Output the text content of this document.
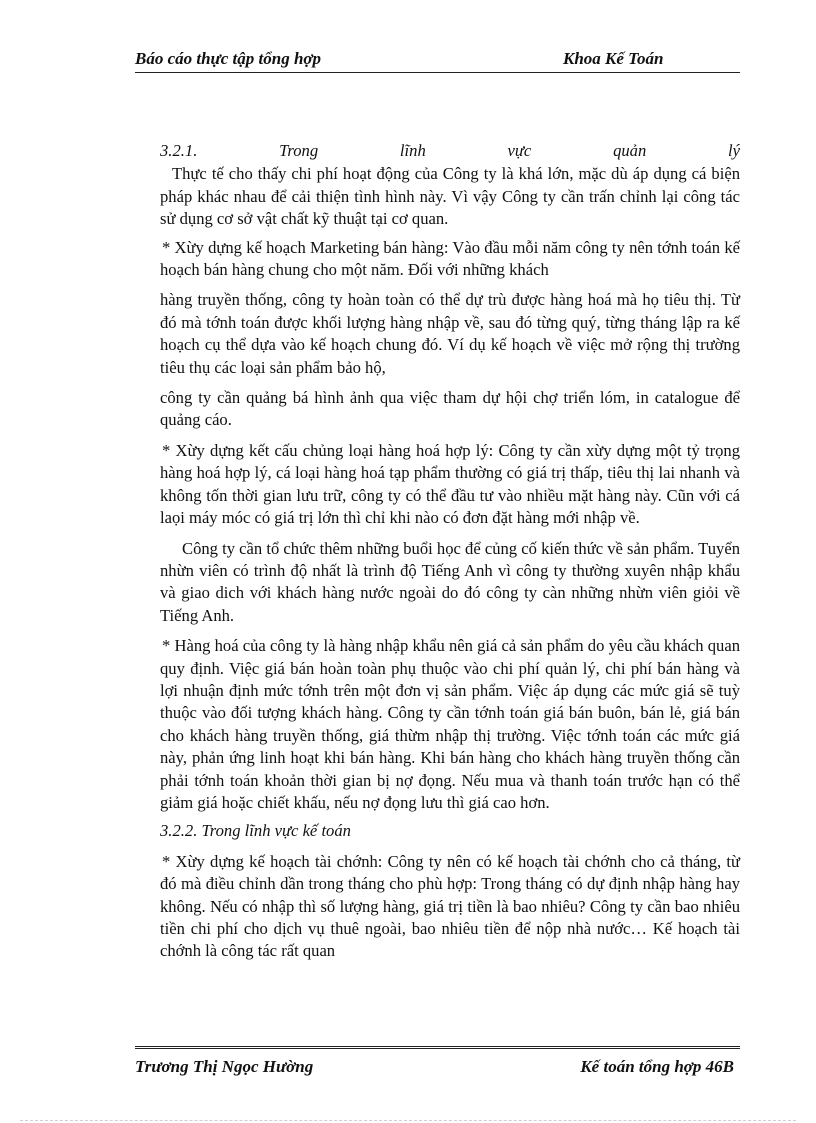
Báo cáo thực tập tổng hợp	Khoa Kế Toán

3.2.1.	Trong	lĩnh	vực	quản	lý

Thực tế cho thấy chi phí hoạt động của Công ty là khá lớn, mặc dù áp dụng cá biện pháp khác nhau để cải thiện tình hình này. Vì vậy Công ty cần trấn chỉnh lại công tác sử dụng cơ sở vật chất kỹ thuật tại cơ quan.

* Xừy dựng kế hoạch Marketing bán hàng: Vào đầu mỗi năm công ty nên tớnh toán kế hoạch bán hàng chung cho một năm. Đối với những khách

hàng truyền thống, công ty hoàn toàn có thể dự trù được hàng hoá mà họ tiêu thị. Từ đó mà tớnh toán được khối lượng hàng nhập về, sau đó từng quý, từng tháng lập ra kế hoạch cụ thể dựa vào kế hoạch chung đó. Ví dụ kế hoạch về việc mở rộng thị trường tiêu thụ các loại sản phẩm bảo hộ,

công ty cần quảng bá hình ảnh qua việc tham dự hội chợ triển lóm, in catalogue để quảng cáo.

* Xừy dựng kết cấu chủng loại hàng hoá hợp lý: Công ty cần xừy dựng một tỷ trọng hàng hoá hợp lý, cá loại hàng hoá tạp phẩm thường có giá trị thấp, tiêu thị lai nhanh và không tốn thời gian lưu trữ, công ty có thể đầu tư vào nhiều mặt hàng này. Cũn với cá laọi máy móc có giá trị lớn thì chỉ khi nào có đơn đặt hàng mới nhập về.

Công ty cần tổ chức thêm những buổi học để củng cố kiến thức về sản phẩm. Tuyển nhừn viên có trình độ nhất là trình độ Tiếng Anh vì công ty thường xuyên nhập khẩu và giao dich với khách hàng nước ngoài do đó công ty càn những nhừn viên giỏi về Tiếng Anh.

* Hàng hoá của công ty là hàng nhập khẩu nên giá cả sản phẩm do yêu cầu khách quan quy định. Việc giá bán hoàn toàn phụ thuộc vào chi phí quản lý, chi phí bán hàng và lợi nhuận định mức tớnh trên một đơn vị sản phẩm. Việc áp dụng các mức giá sẽ tuỳ thuộc vào đối tượng khách hàng. Công ty cần tớnh toán giá bán buôn, bán lẻ, giá bán cho khách hàng truyền thống, giá thừm nhập thị trường. Việc tớnh toán các mức giá này, phản ứng linh hoạt khi bán hàng. Khi bán hàng cho khách hàng truyền thống cần phải tớnh toán khoản thời gian bị nợ đọng. Nếu mua và thanh toán trước hạn có thể giảm giá hoặc chiết khấu, nếu nợ đọng lưu thì giá cao hơn.

3.2.2. Trong lĩnh vực kế toán

* Xừy dựng kế hoạch tài chớnh: Công ty nên có kế hoạch tài chớnh cho cả tháng, từ đó mà điều chỉnh dần trong tháng cho phù hợp: Trong tháng có dự định nhập hàng hay không. Nếu có nhập thì số lượng hàng, giá trị tiền là bao nhiêu? Công ty cần bao nhiêu tiền chi phí cho dịch vụ thuê ngoài, bao nhiêu tiền để nộp nhà nước… Kế hoạch tài chớnh là công tác rất quan

Trương Thị Ngọc Hường	Kế toán tổng hợp 46B
